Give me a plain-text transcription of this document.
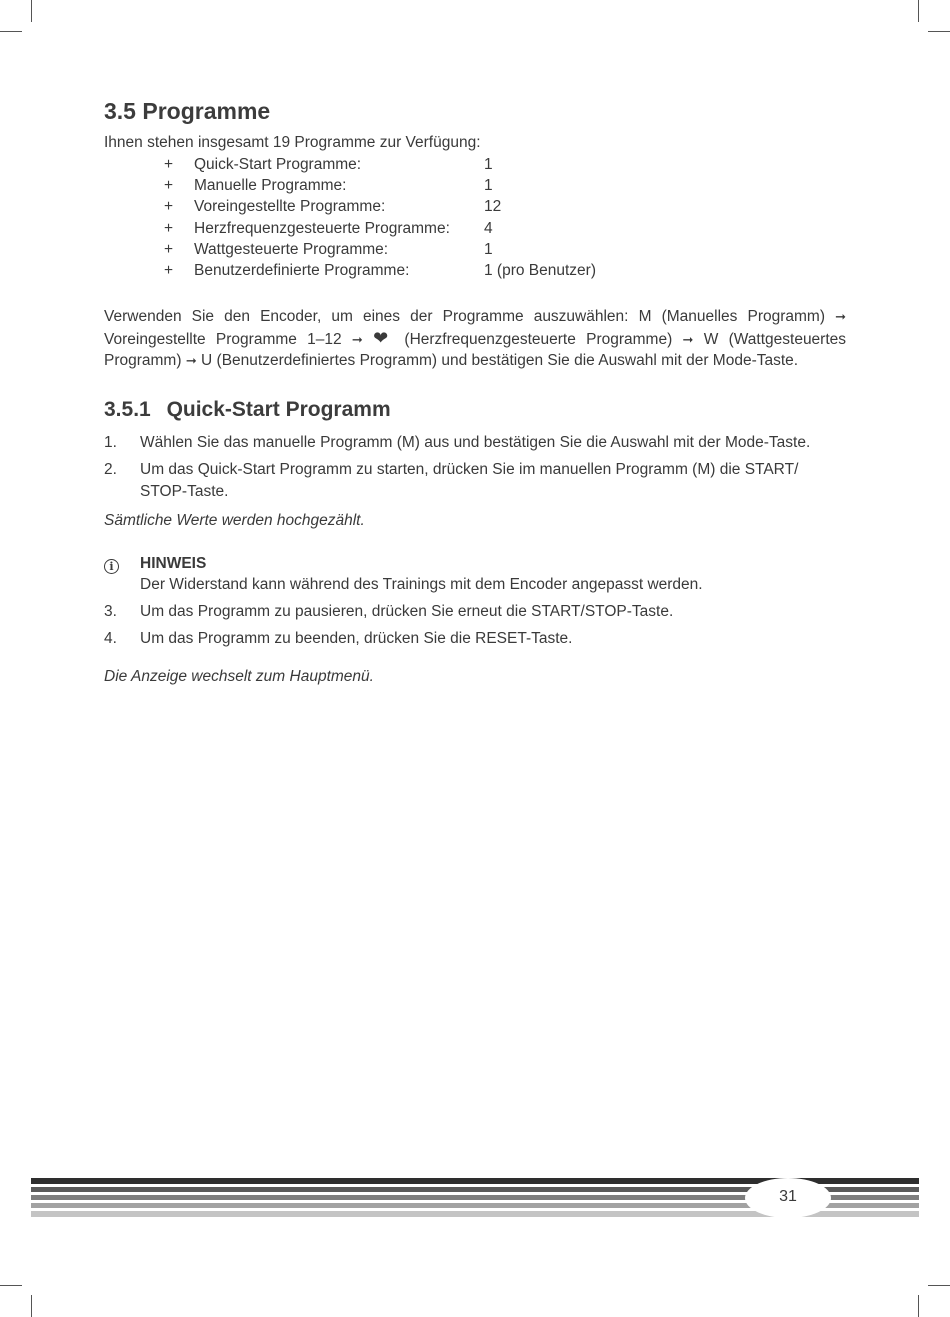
3.5 Programme
Ihnen stehen insgesamt 19 Programme zur Verfügung:
+	Quick-Start Programme:	1
+	Manuelle Programme:	1
+	Voreingestellte Programme:	12
+	Herzfrequenzgesteuerte Programme:	4
+	Wattgesteuerte Programme:	1
+	Benutzerdefinierte Programme:	1 (pro Benutzer)
Verwenden Sie den Encoder, um eines der Programme auszuwählen: M (Manuelles Programm) ➞ Voreingestellte Programme 1–12 ➞ ❤ (Herzfrequenzgesteuerte Programme) ➞ W (Wattgesteuertes Programm) ➞ U (Benutzerdefiniertes Programm) und bestätigen Sie die Auswahl mit der Mode-Taste.
3.5.1 Quick-Start Programm
1.	Wählen Sie das manuelle Programm (M) aus und bestätigen Sie die Auswahl mit der Mode-Taste.
2.	Um das Quick-Start Programm zu starten, drücken Sie im manuellen Programm (M) die START/ STOP-Taste.
Sämtliche Werte werden hochgezählt.
i	HINWEIS
Der Widerstand kann während des Trainings mit dem Encoder angepasst werden.
3.	Um das Programm zu pausieren, drücken Sie erneut die START/STOP-Taste.
4.	Um das Programm zu beenden, drücken Sie die RESET-Taste.
Die Anzeige wechselt zum Hauptmenü.
31
